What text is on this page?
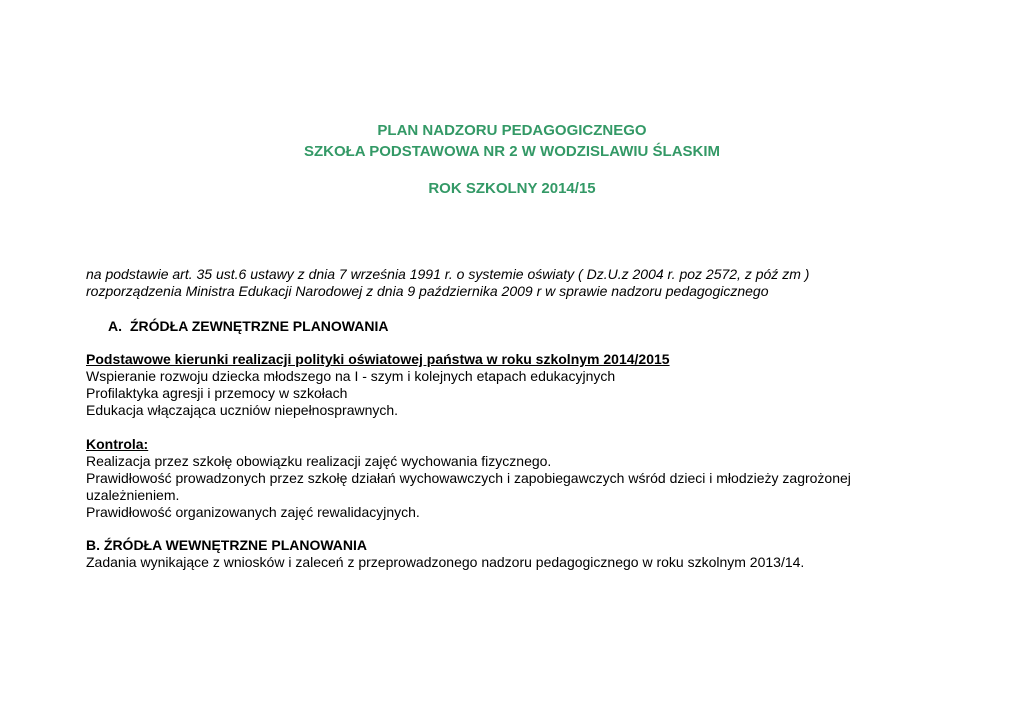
PLAN NADZORU PEDAGOGICZNEGO
SZKOŁA PODSTAWOWA NR 2 W WODZISLAWIU ŚLASKIM
ROK SZKOLNY 2014/15
na podstawie art. 35 ust.6 ustawy z dnia 7 września 1991 r. o systemie oświaty ( Dz.U.z 2004 r. poz 2572, z póź zm )
rozporządzenia Ministra Edukacji Narodowej z dnia 9 października 2009 r w sprawie nadzoru pedagogicznego
A. ŹRÓDŁA ZEWNĘTRZNE PLANOWANIA
Podstawowe kierunki realizacji polityki oświatowej państwa w roku szkolnym 2014/2015
Wspieranie rozwoju dziecka młodszego na I - szym i kolejnych etapach edukacyjnych
Profilaktyka agresji i przemocy w szkołach
Edukacja włączająca uczniów niepełnosprawnych.
Kontrola:
Realizacja przez szkołę obowiązku realizacji zajęć wychowania fizycznego.
Prawidłowość prowadzonych przez szkołę działań wychowawczych i zapobiegawczych wśród dzieci i młodzieży zagrożonej uzależnieniem.
Prawidłowość organizowanych zajęć rewalidacyjnych.
B. ŹRÓDŁA WEWNĘTRZNE PLANOWANIA
Zadania wynikające z wniosków i zaleceń z przeprowadzonego nadzoru pedagogicznego w roku szkolnym 2013/14.
